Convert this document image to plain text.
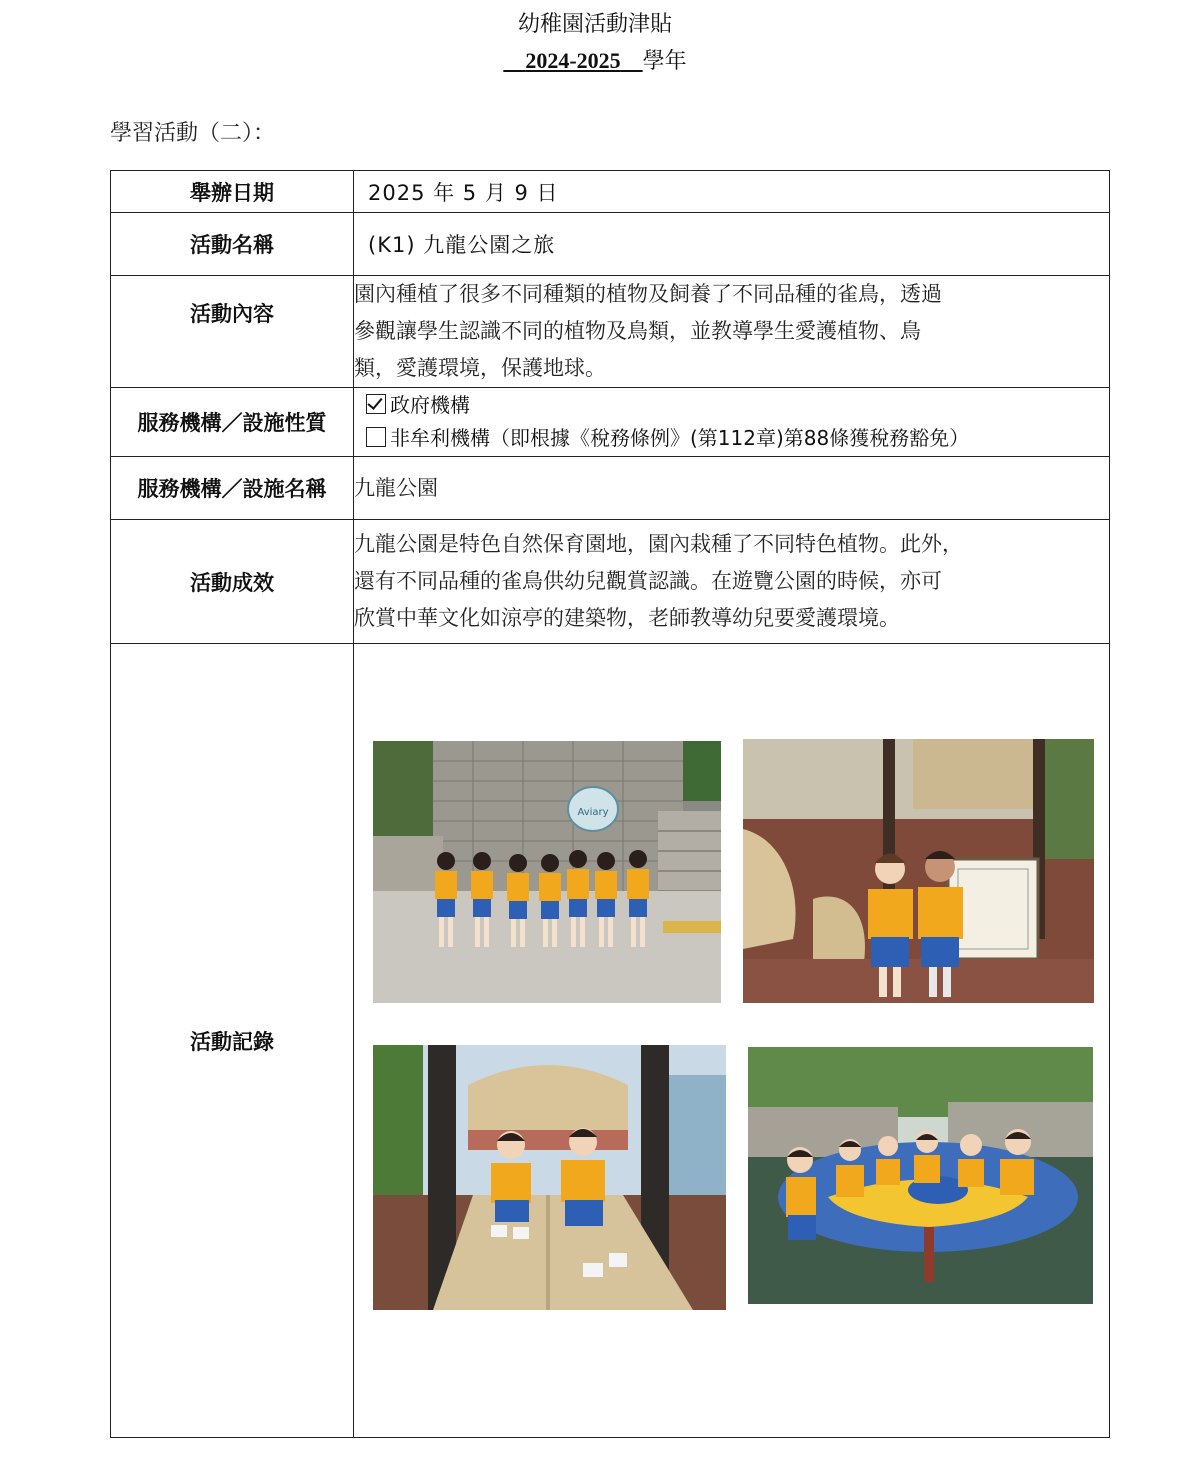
幼稚園活動津貼
2024-2025 學年
學習活動（二）：
舉辦日期	2025 年 5 月 9 日
活動名稱	(K1) 九龍公園之旅
活動內容	園內種植了很多不同種類的植物及飼養了不同品種的雀鳥，透過
參觀讓學生認識不同的植物及鳥類，並教導學生愛護植物、鳥
類，愛護環境，保護地球。

服務機構／設施性質	政府機構
非牟利機構（即根據《稅務條例》(第112章)第88條獲稅務豁免）

服務機構／設施名稱	九龍公園
活動成效	九龍公園是特色自然保育園地，園內栽種了不同特色植物。此外，
還有不同品種的雀鳥供幼兒觀賞認識。在遊覽公園的時候，亦可
欣賞中華文化如涼亭的建築物，老師教導幼兒要愛護環境。

活動記錄	Aviary
